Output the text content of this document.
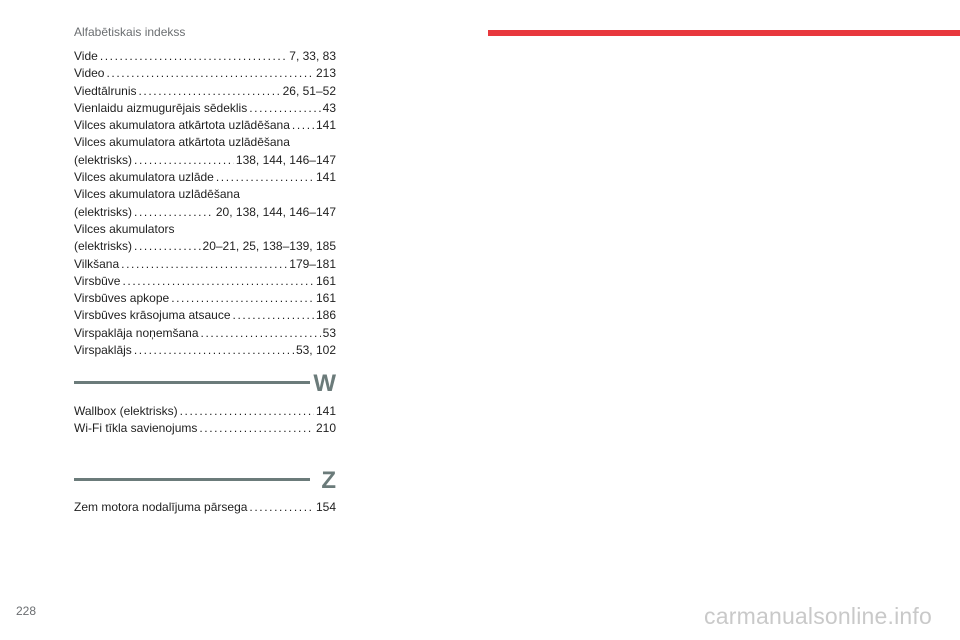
Alfabētiskais indekss
Vide .....	7, 33, 83
Video .....	213
Viedtālrunis .....	26, 51–52
Vienlaidu aizmugurējais sēdeklis .....	43
Vilces akumulatora atkārtota uzlādēšana ..... 141
Vilces akumulatora atkārtota uzlādēšana
(elektrisks) .....	138, 144, 146–147
Vilces akumulatora uzlāde .....	141
Vilces akumulatora uzlādēšana
(elektrisks) .....	20, 138, 144, 146–147
Vilces akumulators
(elektrisks) .....	20–21, 25, 138–139, 185
Vilkšana .....	179–181
Virsbūve .....	161
Virsbūves apkope .....	161
Virsbūves krāsojuma atsauce .....	186
Virspaklāja noņemšana .....	53
Virspaklājs .....	53, 102
W
Wallbox (elektrisks) .....	141
Wi-Fi tīkla savienojums .....	210
Z
Zem motora nodalījuma pārsega .....	154
228	carmanualsonline.info
